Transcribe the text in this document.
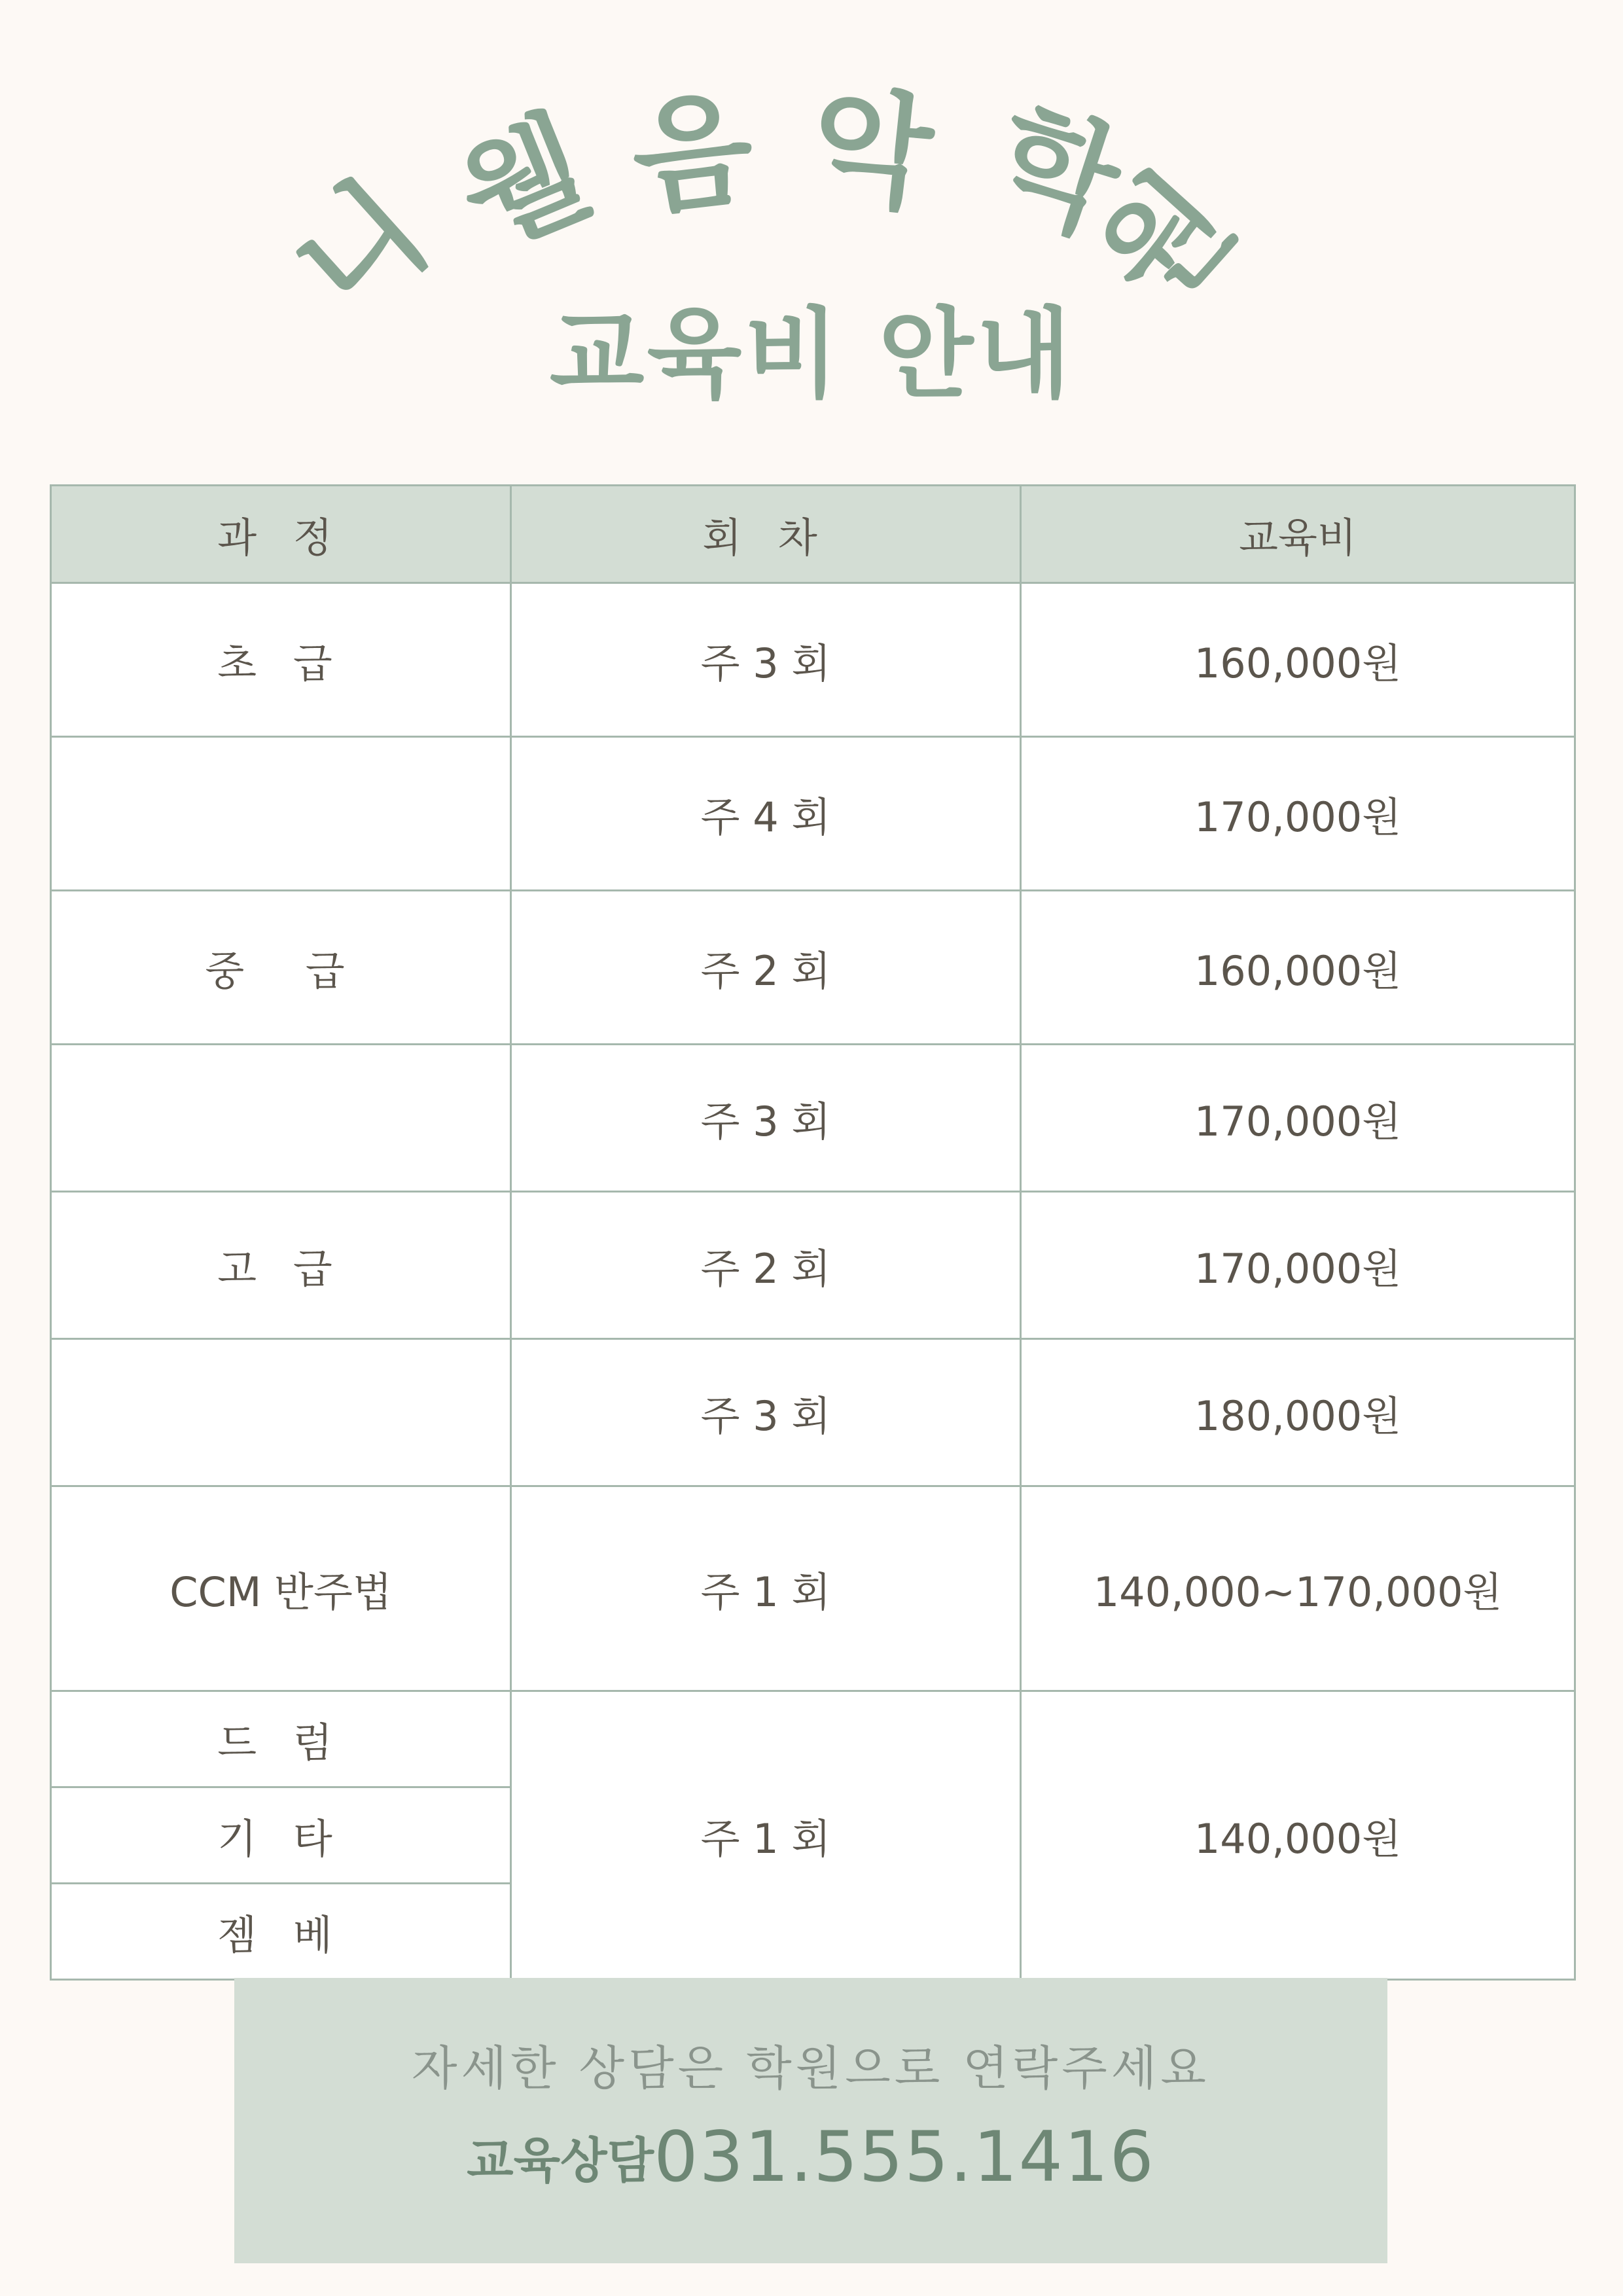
니
웰 음 악 학
원
교육비 안내
과 정	회 차	교육비
초 급	주 3 회	160,000원
	주 4 회	170,000원
중  급	주 2 회	160,000원
	주 3 회	170,000원
고 급	주 2 회	170,000원
	주 3 회	180,000원
CCM 반주법	주 1 회	140,000~170,000원
드 럼	주 1 회	140,000원
기 타		
젬 베		
자세한 상담은 학원으로 연락주세요
교육상담031.555.1416
